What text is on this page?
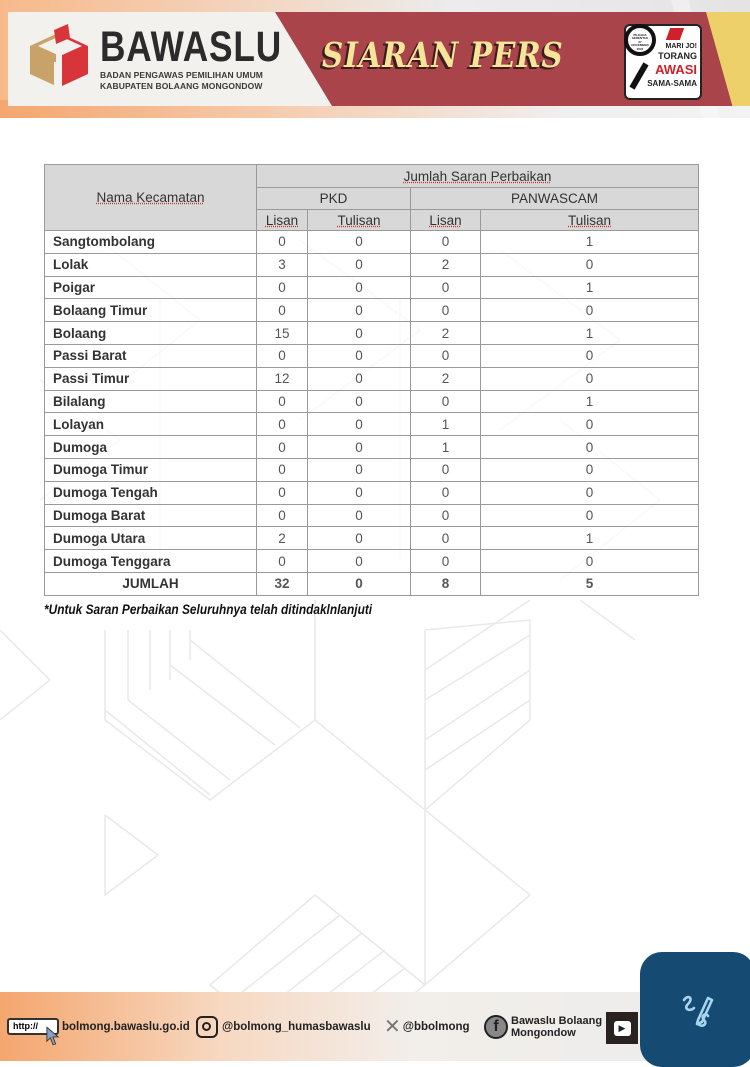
BAWASLU
BADAN PENGAWAS PEMILIHAN UMUM
KABUPATEN BOLAANG MONGONDOW
SIARAN PERS	PILKADA SERENTAK 27 NOVEMBER 2024	MARI JO!
TORANG
AWASI
SAMA-SAMA
Nama Kecamatan	Jumlah Saran Perbaikan			
	PKD		PANWASCAM	
	Lisan	Tulisan	Lisan	Tulisan
Sangtombolang	0	0	0	1
Lolak	3	0	2	0
Poigar	0	0	0	1
Bolaang Timur	0	0	0	0
Bolaang	15	0	2	1
Passi Barat	0	0	0	0
Passi Timur	12	0	2	0
Bilalang	0	0	0	1
Lolayan	0	0	1	0
Dumoga	0	0	1	0
Dumoga Timur	0	0	0	0
Dumoga Tengah	0	0	0	0
Dumoga Barat	0	0	0	0
Dumoga Utara	2	0	0	1
Dumoga Tenggara	0	0	0	0
JUMLAH	32	0	8	5
*Untuk Saran Perbaikan Seluruhnya telah ditindaklnlanjuti
http://	bolmong.bawaslu.go.id	@bolmong_humasbawaslu ✕ @bbolmong	f	Bawaslu Bolaang
Mongondow	▶
